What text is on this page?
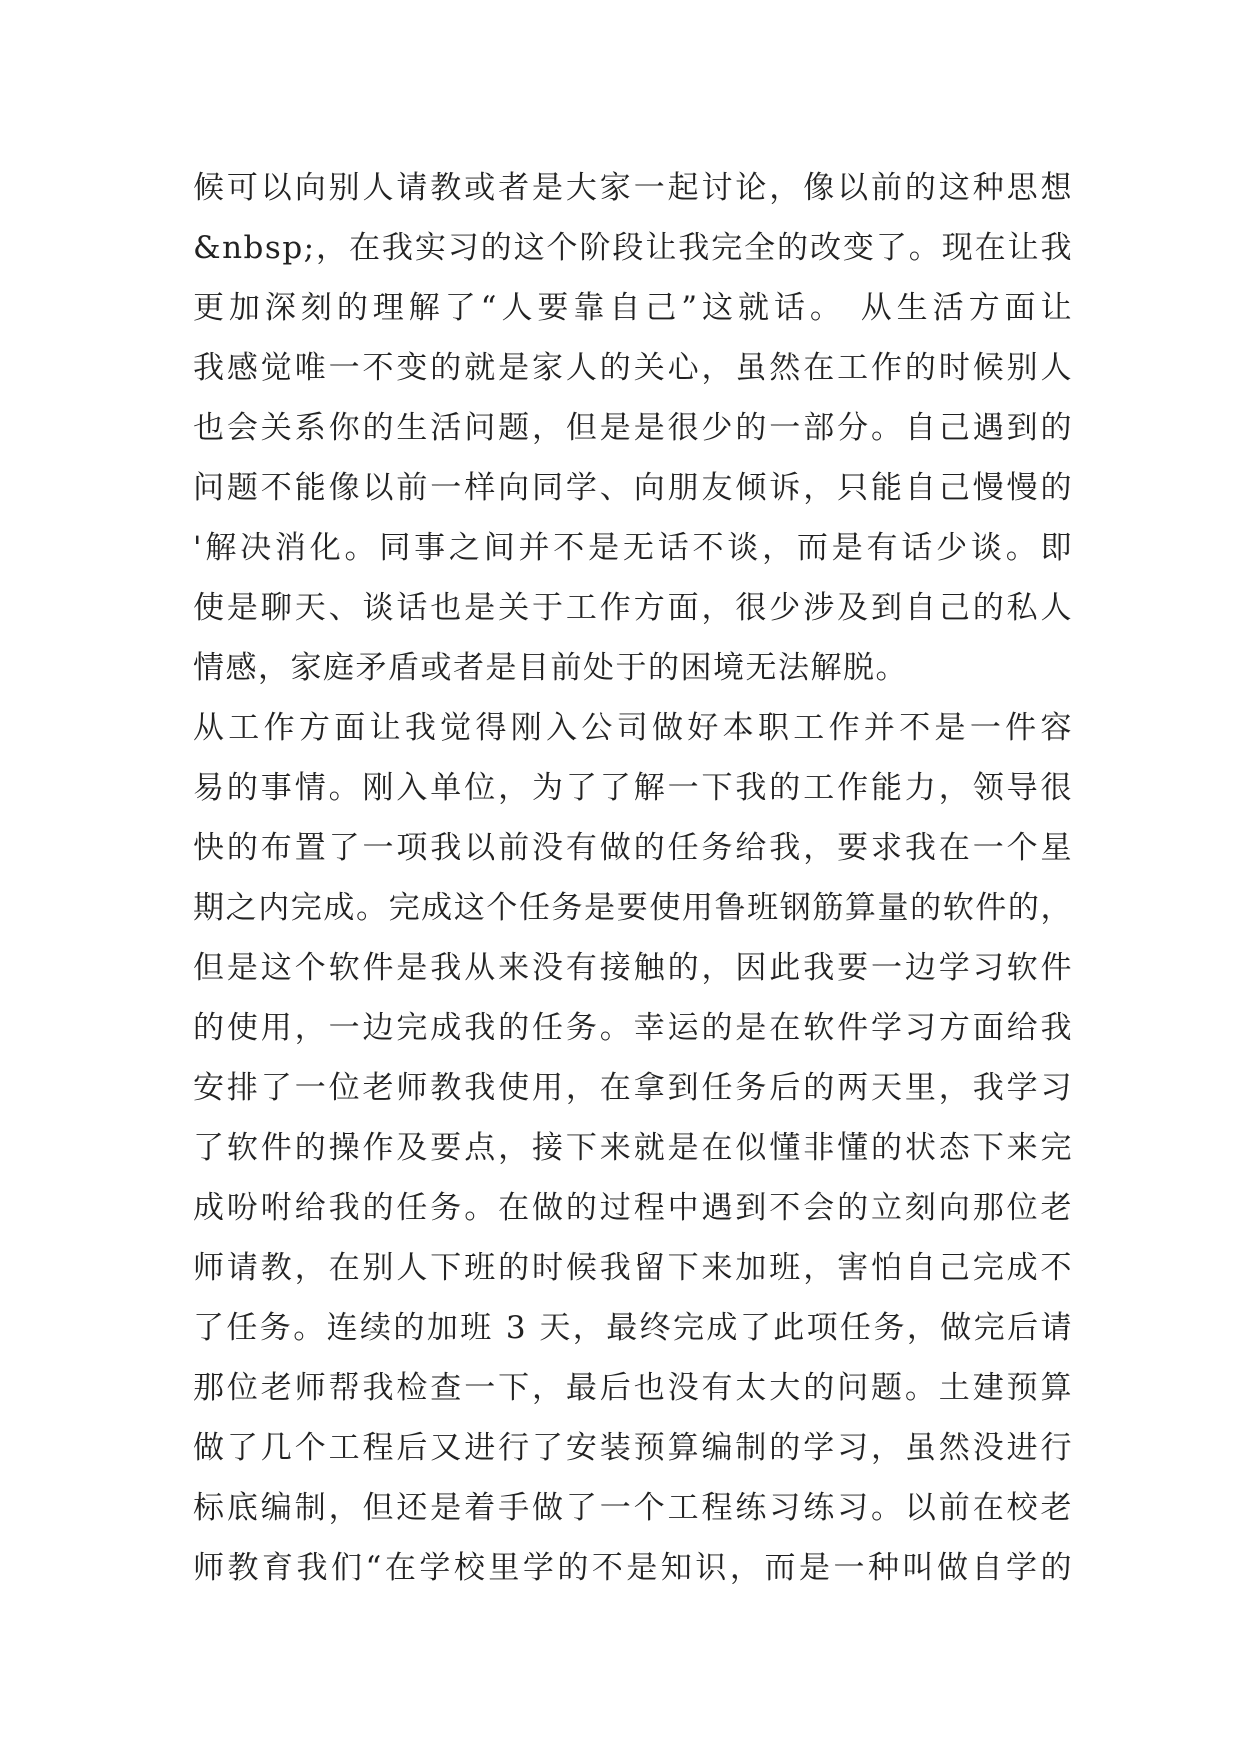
候可以向别人请教或者是大家一起讨论，像以前的这种思想
&nbsp;，在我实习的这个阶段让我完全的改变了。现在让我
更加深刻的理解了“人要靠自己”这就话。 从生活方面让
我感觉唯一不变的就是家人的关心，虽然在工作的时候别人
也会关系你的生活问题，但是是很少的一部分。自己遇到的
问题不能像以前一样向同学、向朋友倾诉，只能自己慢慢的
'解决消化。同事之间并不是无话不谈，而是有话少谈。即
使是聊天、谈话也是关于工作方面，很少涉及到自己的私人
情感，家庭矛盾或者是目前处于的困境无法解脱。
从工作方面让我觉得刚入公司做好本职工作并不是一件容
易的事情。刚入单位，为了了解一下我的工作能力，领导很
快的布置了一项我以前没有做的任务给我，要求我在一个星
期之内完成。完成这个任务是要使用鲁班钢筋算量的软件的，
但是这个软件是我从来没有接触的，因此我要一边学习软件
的使用，一边完成我的任务。幸运的是在软件学习方面给我
安排了一位老师教我使用，在拿到任务后的两天里，我学习
了软件的操作及要点，接下来就是在似懂非懂的状态下来完
成吩咐给我的任务。在做的过程中遇到不会的立刻向那位老
师请教，在别人下班的时候我留下来加班，害怕自己完成不
了任务。连续的加班 3 天，最终完成了此项任务，做完后请
那位老师帮我检查一下，最后也没有太大的问题。土建预算
做了几个工程后又进行了安装预算编制的学习，虽然没进行
标底编制，但还是着手做了一个工程练习练习。以前在校老
师教育我们“在学校里学的不是知识，而是一种叫做自学的
